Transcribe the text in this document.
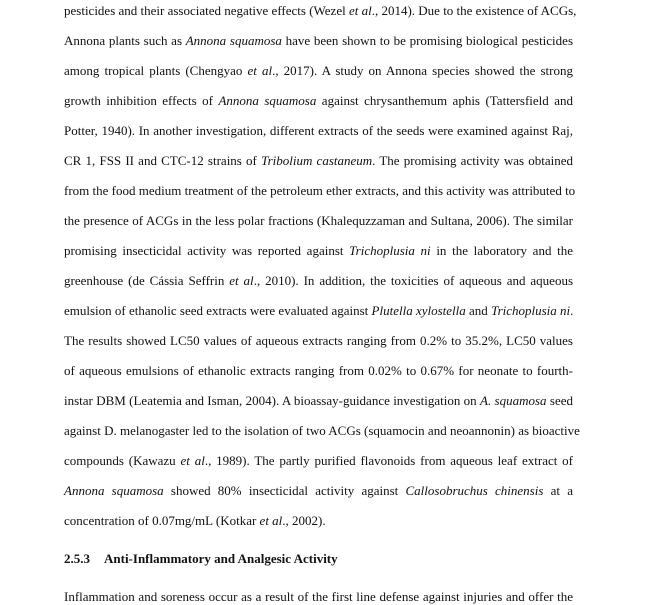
pesticides and their associated negative effects (Wezel et al., 2014). Due to the existence of ACGs,
Annona plants such as Annona squamosa have been shown to be promising biological pesticides
among tropical plants (Chengyao et al., 2017). A study on Annona species showed the strong
growth inhibition effects of Annona squamosa against chrysanthemum aphis (Tattersfield and
Potter, 1940). In another investigation, different extracts of the seeds were examined against Raj,
CR 1, FSS II and CTC-12 strains of Tribolium castaneum. The promising activity was obtained
from the food medium treatment of the petroleum ether extracts, and this activity was attributed to
the presence of ACGs in the less polar fractions (Khalequzzaman and Sultana, 2006). The similar
promising insecticidal activity was reported against Trichoplusia ni in the laboratory and the
greenhouse (de Cássia Seffrin et al., 2010). In addition, the toxicities of aqueous and aqueous
emulsion of ethanolic seed extracts were evaluated against Plutella xylostella and Trichoplusia ni.
The results showed LC50 values of aqueous extracts ranging from 0.2% to 35.2%, LC50 values
of aqueous emulsions of ethanolic extracts ranging from 0.02% to 0.67% for neonate to fourth-
instar DBM (Leatemia and Isman, 2004). A bioassay-guidance investigation on A. squamosa seed
against D. melanogaster led to the isolation of two ACGs (squamocin and neoannonin) as bioactive
compounds (Kawazu et al., 1989). The partly purified flavonoids from aqueous leaf extract of
Annona squamosa showed 80% insecticidal activity against Callosobruchus chinensis at a
concentration of 0.07mg/mL (Kotkar et al., 2002).
2.5.3 Anti-Inflammatory and Analgesic Activity
Inflammation and soreness occur as a result of the first line defense against injuries and offer the
